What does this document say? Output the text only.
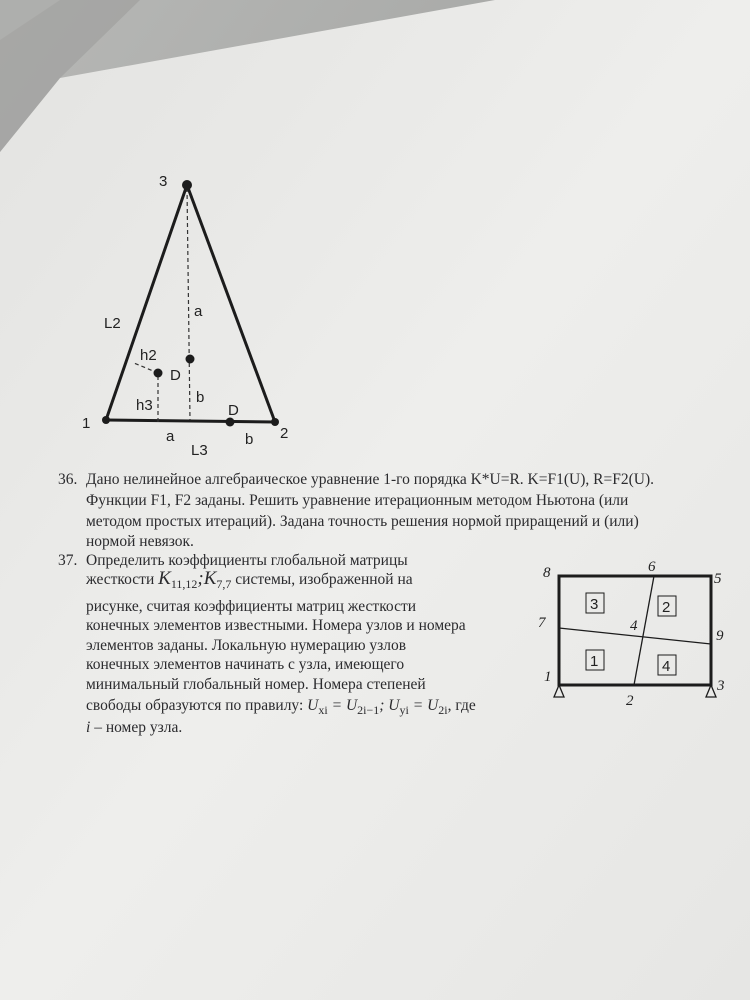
1
2
3
L2
L3
h2
h3
a
b
a	b
D
D
36. Дано нелинейное алгебраическое уравнение 1-го порядка K*U=R. K=F1(U), R=F2(U).
Функции F1, F2 заданы. Решить уравнение итерационным методом Ньютона (или
методом простых итераций). Задана точность решения нормой приращений и (или)
нормой невязок.
37. Определить коэффициенты глобальной матрицы
жесткости $K_{11,12};K_{7,7}$ системы, изображенной на
рисунке, считая коэффициенты матриц жесткости
конечных элементов известными. Номера узлов и номера
элементов заданы. Локальную нумерацию узлов
конечных элементов начинать с узла, имеющего
минимальный глобальный номер. Номера степеней
свободы образуются по правилу: $U_{xi} = U_{2i-1}$; $U_{yi} = U_{2i}$, где
i – номер узла.
3	2
1	4
8	6
5
7	4
9
1
2
3
